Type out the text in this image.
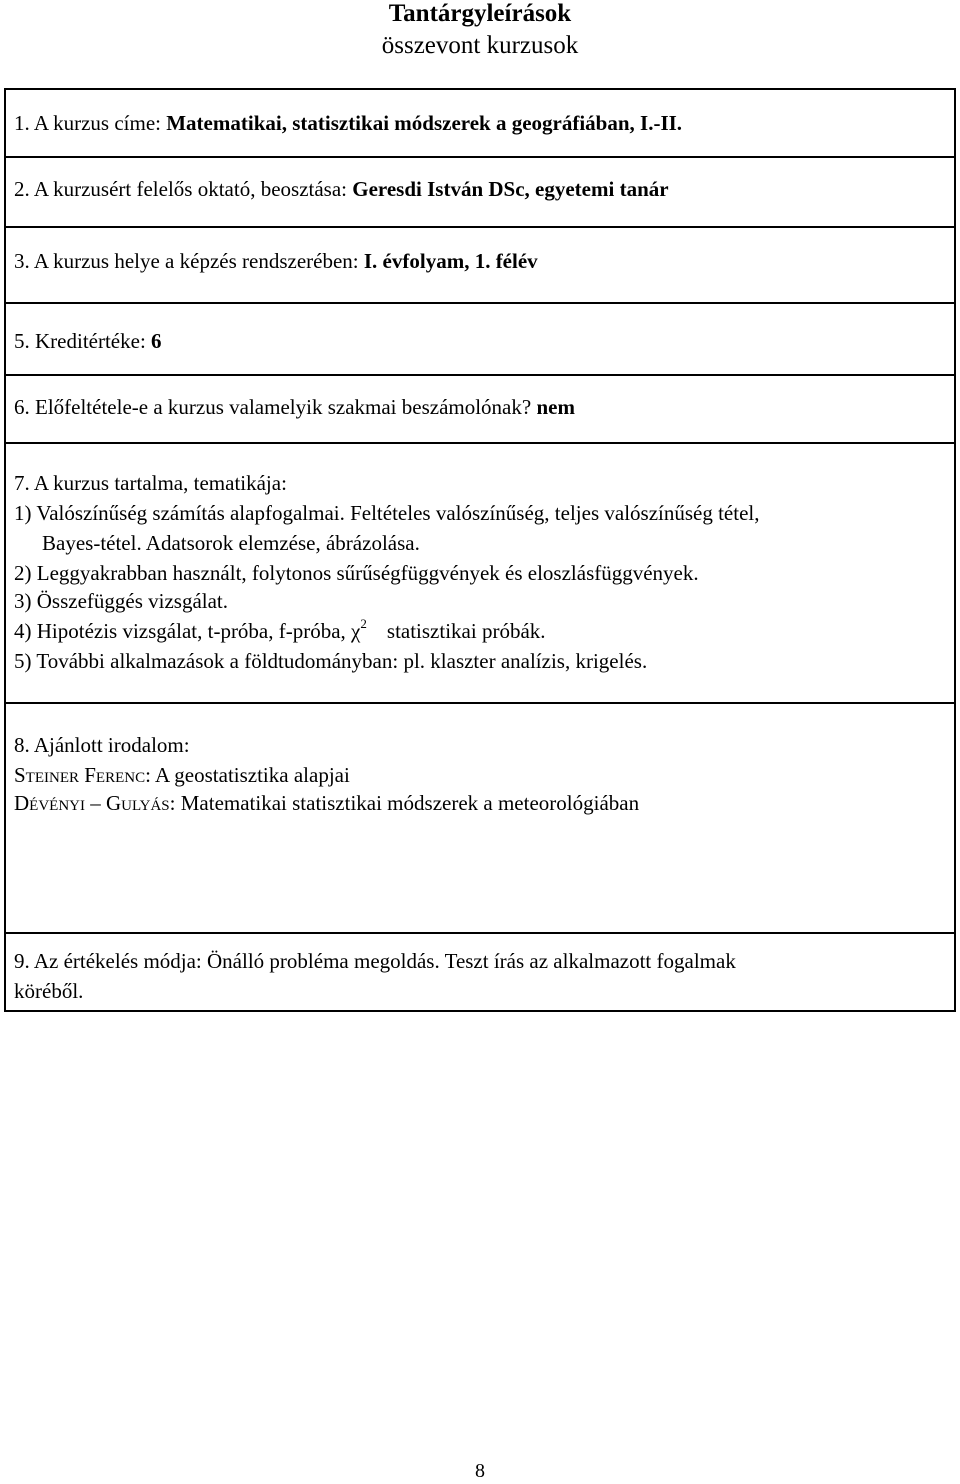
Tantárgyleírások
összevont kurzusok
1. A kurzus címe: Matematikai, statisztikai módszerek a geográfiában, I.-II.
2. A kurzusért felelős oktató, beosztása: Geresdi István DSc, egyetemi tanár
3. A kurzus helye a képzés rendszerében: I. évfolyam, 1. félév
5. Kreditértéke: 6
6. Előfeltétele-e a kurzus valamelyik szakmai beszámolónak? nem
7. A kurzus tartalma, tematikája:
1) Valószínűség számítás alapfogalmai. Feltételes valószínűség, teljes valószínűség tétel,
Bayes-tétel. Adatsorok elemzése, ábrázolása.
2) Leggyakrabban használt, folytonos sűrűségfüggvények és eloszlásfüggvények.
3) Összefüggés vizsgálat.
4) Hipotézis vizsgálat, t-próba, f-próba, $\chi^2$ statisztikai próbák.
5) További alkalmazások a földtudományban: pl. klaszter analízis, krigelés.
8. Ajánlott irodalom:
Steiner Ferenc: A geostatisztika alapjai
Dévényi – Gulyás: Matematikai statisztikai módszerek a meteorológiában
9. Az értékelés módja: Önálló probléma megoldás. Teszt írás az alkalmazott fogalmak
köréből.
8
